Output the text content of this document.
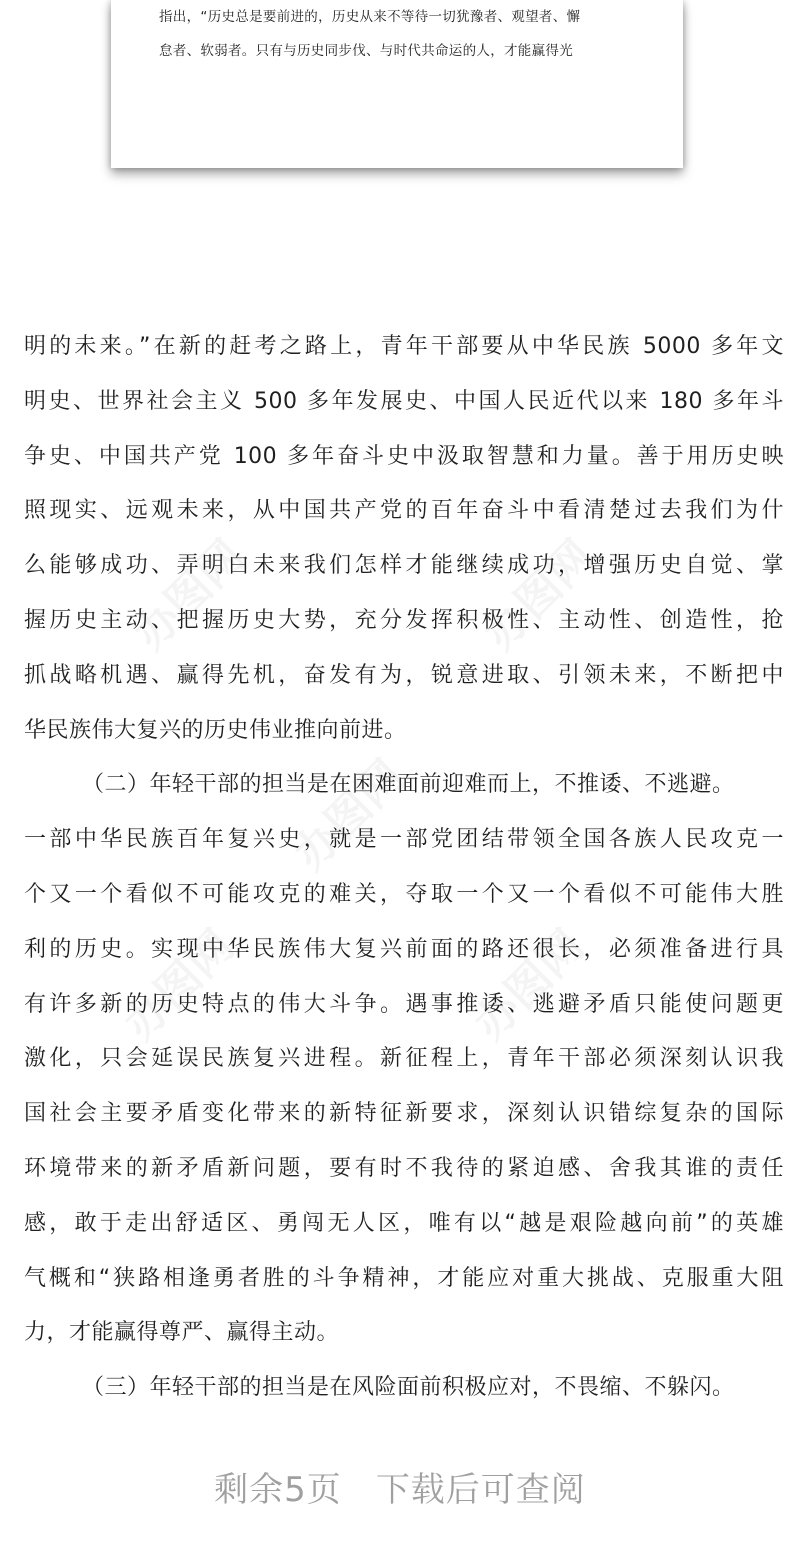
指出，“历史总是要前进的，历史从来不等待一切犹豫者、观望者、懈
怠者、软弱者。只有与历史同步伐、与时代共命运的人，才能赢得光
办图网	办图网
办图网
办图网	办图网
明的未来。”在新的赶考之路上，青年干部要从中华民族 5000 多年文
明史、世界社会主义 500 多年发展史、中国人民近代以来 180 多年斗
争史、中国共产党 100 多年奋斗史中汲取智慧和力量。善于用历史映
照现实、远观未来，从中国共产党的百年奋斗中看清楚过去我们为什
么能够成功、弄明白未来我们怎样才能继续成功，增强历史自觉、掌
握历史主动、把握历史大势，充分发挥积极性、主动性、创造性，抢
抓战略机遇、赢得先机，奋发有为，锐意进取、引领未来，不断把中
华民族伟大复兴的历史伟业推向前进。
（二）年轻干部的担当是在困难面前迎难而上，不推诿、不逃避。
一部中华民族百年复兴史，就是一部党团结带领全国各族人民攻克一
个又一个看似不可能攻克的难关，夺取一个又一个看似不可能伟大胜
利的历史。实现中华民族伟大复兴前面的路还很长，必须准备进行具
有许多新的历史特点的伟大斗争。遇事推诿、逃避矛盾只能使问题更
激化，只会延误民族复兴进程。新征程上，青年干部必须深刻认识我
国社会主要矛盾变化带来的新特征新要求，深刻认识错综复杂的国际
环境带来的新矛盾新问题，要有时不我待的紧迫感、舍我其谁的责任
感，敢于走出舒适区、勇闯无人区，唯有以“越是艰险越向前”的英雄
气概和“狭路相逢勇者胜的斗争精神，才能应对重大挑战、克服重大阻
力，才能赢得尊严、赢得主动。
（三）年轻干部的担当是在风险面前积极应对，不畏缩、不躲闪。
剩余5页 下载后可查阅
